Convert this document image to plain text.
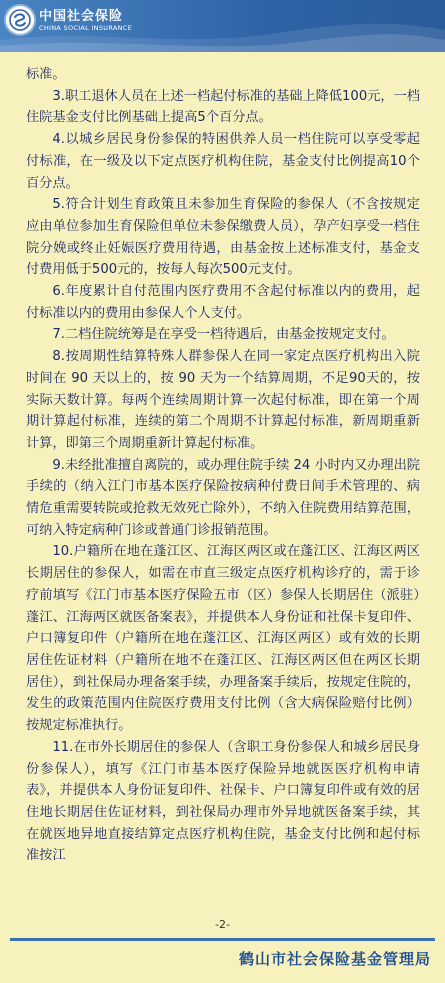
中国社会保险
CHINA SOCIAL INSURANCE

标准。

3.职工退休人员在上述一档起付标准的基础上降低100元，一档住院基金支付比例基础上提高5个百分点。

4.以城乡居民身份参保的特困供养人员一档住院可以享受零起付标准，在一级及以下定点医疗机构住院，基金支付比例提高10个百分点。

5.符合计划生育政策且未参加生育保险的参保人（不含按规定应由单位参加生育保险但单位未参保缴费人员），孕产妇享受一档住院分娩或终止妊娠医疗费用待遇，由基金按上述标准支付，基金支付费用低于500元的，按每人每次500元支付。

6.年度累计自付范围内医疗费用不含起付标准以内的费用，起付标准以内的费用由参保人个人支付。

7.二档住院统筹是在享受一档待遇后，由基金按规定支付。

8.按周期性结算特殊人群参保人在同一家定点医疗机构出入院时间在 90 天以上的，按 90 天为一个结算周期，不足90天的，按实际天数计算。每两个连续周期计算一次起付标准，即在第一个周期计算起付标准，连续的第二个周期不计算起付标准，新周期重新计算，即第三个周期重新计算起付标准。

9.未经批准擅自离院的，或办理住院手续 24 小时内又办理出院手续的（纳入江门市基本医疗保险按病种付费日间手术管理的、病情危重需要转院或抢救无效死亡除外），不纳入住院费用结算范围，可纳入特定病种门诊或普通门诊报销范围。

10.户籍所在地在蓬江区、江海区两区或在蓬江区、江海区两区长期居住的参保人，如需在市直三级定点医疗机构诊疗的，需于诊疗前填写《江门市基本医疗保险五市（区）参保人长期居住（派驻）蓬江、江海两区就医备案表》，并提供本人身份证和社保卡复印件、户口簿复印件（户籍所在地在蓬江区、江海区两区）或有效的长期居住佐证材料（户籍所在地不在蓬江区、江海区两区但在两区长期居住），到社保局办理备案手续，办理备案手续后，按规定住院的，发生的政策范围内住院医疗费用支付比例（含大病保险赔付比例）按规定标准执行。

11.在市外长期居住的参保人（含职工身份参保人和城乡居民身份参保人），填写《江门市基本医疗保险异地就医医疗机构申请表》，并提供本人身份证复印件、社保卡、户口簿复印件或有效的居住地长期居住佐证材料，到社保局办理市外异地就医备案手续，其在就医地异地直接结算定点医疗机构住院，基金支付比例和起付标准按江

-2-
鹤山市社会保险基金管理局
